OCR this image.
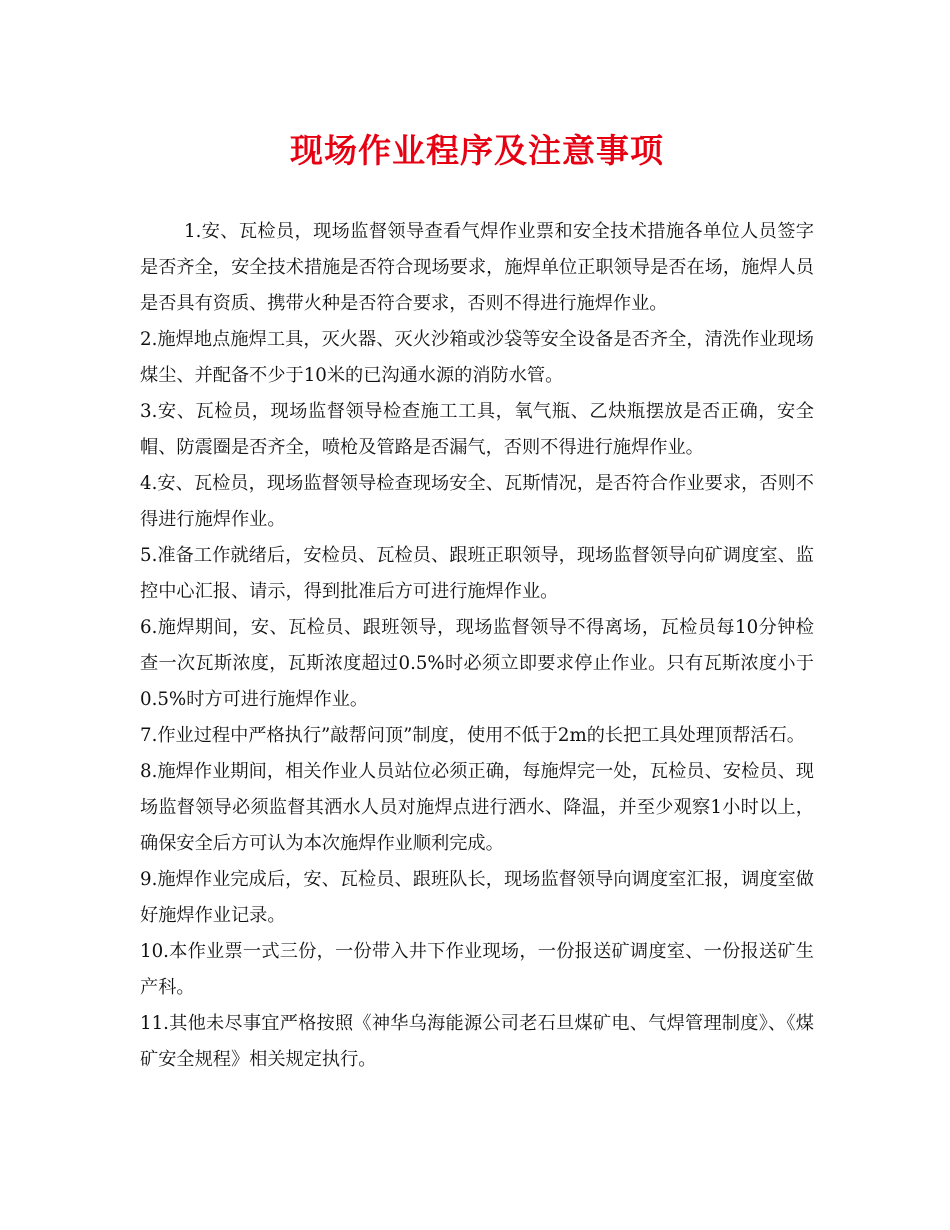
现场作业程序及注意事项

1.安、瓦检员，现场监督领导查看气焊作业票和安全技术措施各单位人员签字是否齐全，安全技术措施是否符合现场要求，施焊单位正职领导是否在场，施焊人员是否具有资质、携带火种是否符合要求，否则不得进行施焊作业。

2.施焊地点施焊工具，灭火器、灭火沙箱或沙袋等安全设备是否齐全，清洗作业现场煤尘、并配备不少于10米的已沟通水源的消防水管。

3.安、瓦检员，现场监督领导检查施工工具，氧气瓶、乙炔瓶摆放是否正确，安全帽、防震圈是否齐全，喷枪及管路是否漏气，否则不得进行施焊作业。

4.安、瓦检员，现场监督领导检查现场安全、瓦斯情况，是否符合作业要求，否则不得进行施焊作业。

5.准备工作就绪后，安检员、瓦检员、跟班正职领导，现场监督领导向矿调度室、监控中心汇报、请示，得到批准后方可进行施焊作业。

6.施焊期间，安、瓦检员、跟班领导，现场监督领导不得离场，瓦检员每10分钟检查一次瓦斯浓度，瓦斯浓度超过0.5%时必须立即要求停止作业。只有瓦斯浓度小于0.5%时方可进行施焊作业。

7.作业过程中严格执行”敲帮问顶”制度，使用不低于2m的长把工具处理顶帮活石。

8.施焊作业期间，相关作业人员站位必须正确，每施焊完一处，瓦检员、安检员、现场监督领导必须监督其洒水人员对施焊点进行洒水、降温，并至少观察1小时以上，确保安全后方可认为本次施焊作业顺利完成。

9.施焊作业完成后，安、瓦检员、跟班队长，现场监督领导向调度室汇报，调度室做好施焊作业记录。

10.本作业票一式三份，一份带入井下作业现场，一份报送矿调度室、一份报送矿生产科。

11.其他未尽事宜严格按照《神华乌海能源公司老石旦煤矿电、气焊管理制度》、《煤矿安全规程》相关规定执行。
